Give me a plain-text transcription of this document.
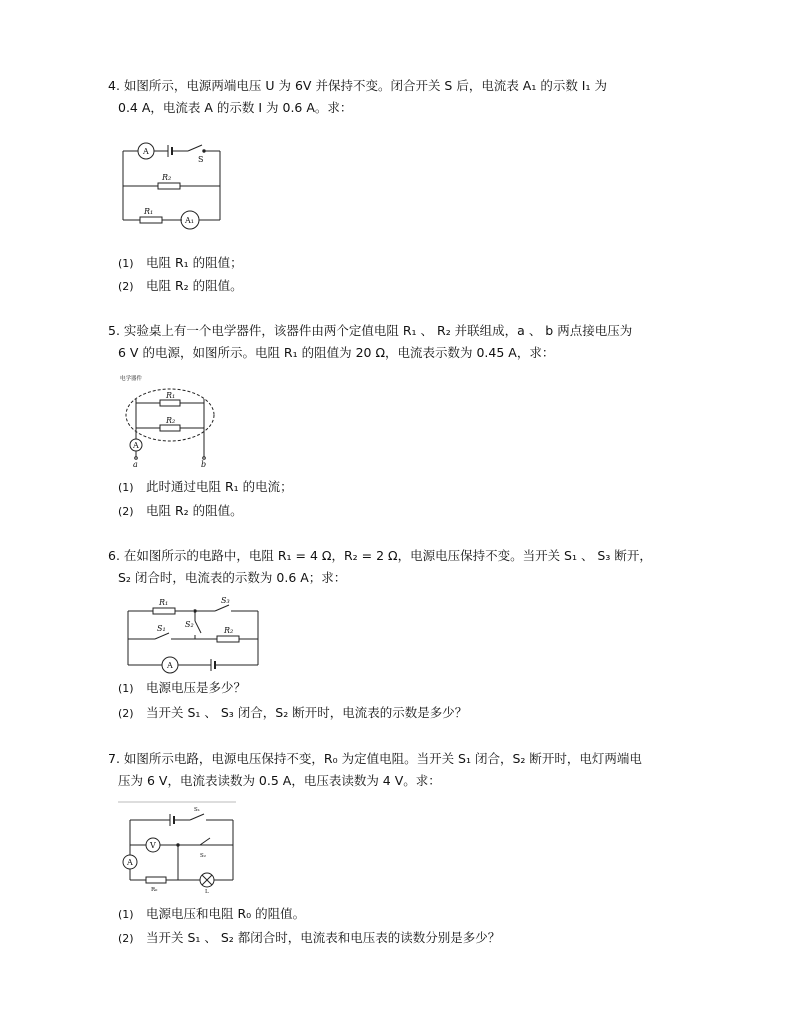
4. 如图所示，电源两端电压 U 为 6V 并保持不变。闭合开关 S 后，电流表 A₁ 的示数 I₁ 为
0.4 A，电流表 A 的示数 I 为 0.6 A。求：
A
S
R₂
R₁
A₁
(1) 电阻 R₁ 的阻值；
(2) 电阻 R₂ 的阻值。
5. 实验桌上有一个电学器件，该器件由两个定值电阻 R₁ 、 R₂ 并联组成，a 、 b 两点接电压为
6 V 的电源，如图所示。电阻 R₁ 的阻值为 20 Ω，电流表示数为 0.45 A，求：
电学器件
R₁
R₂
A
a	b
(1) 此时通过电阻 R₁ 的电流；
(2) 电阻 R₂ 的阻值。
6. 在如图所示的电路中，电阻 R₁ = 4 Ω，R₂ = 2 Ω，电源电压保持不变。当开关 S₁ 、 S₃ 断开，
S₂ 闭合时，电流表的示数为 0.6 A；求：
R₁	S₃
S₂
S₁	R₂
A
(1) 电源电压是多少？
(2) 当开关 S₁ 、 S₃ 闭合，S₂ 断开时，电流表的示数是多少？
7. 如图所示电路，电源电压保持不变，R₀ 为定值电阻。当开关 S₁ 闭合，S₂ 断开时，电灯两端电
压为 6 V，电流表读数为 0.5 A，电压表读数为 4 V。求：
S₁
V
S₂
A
R₀	L
(1) 电源电压和电阻 R₀ 的阻值。
(2) 当开关 S₁ 、 S₂ 都闭合时，电流表和电压表的读数分别是多少？
